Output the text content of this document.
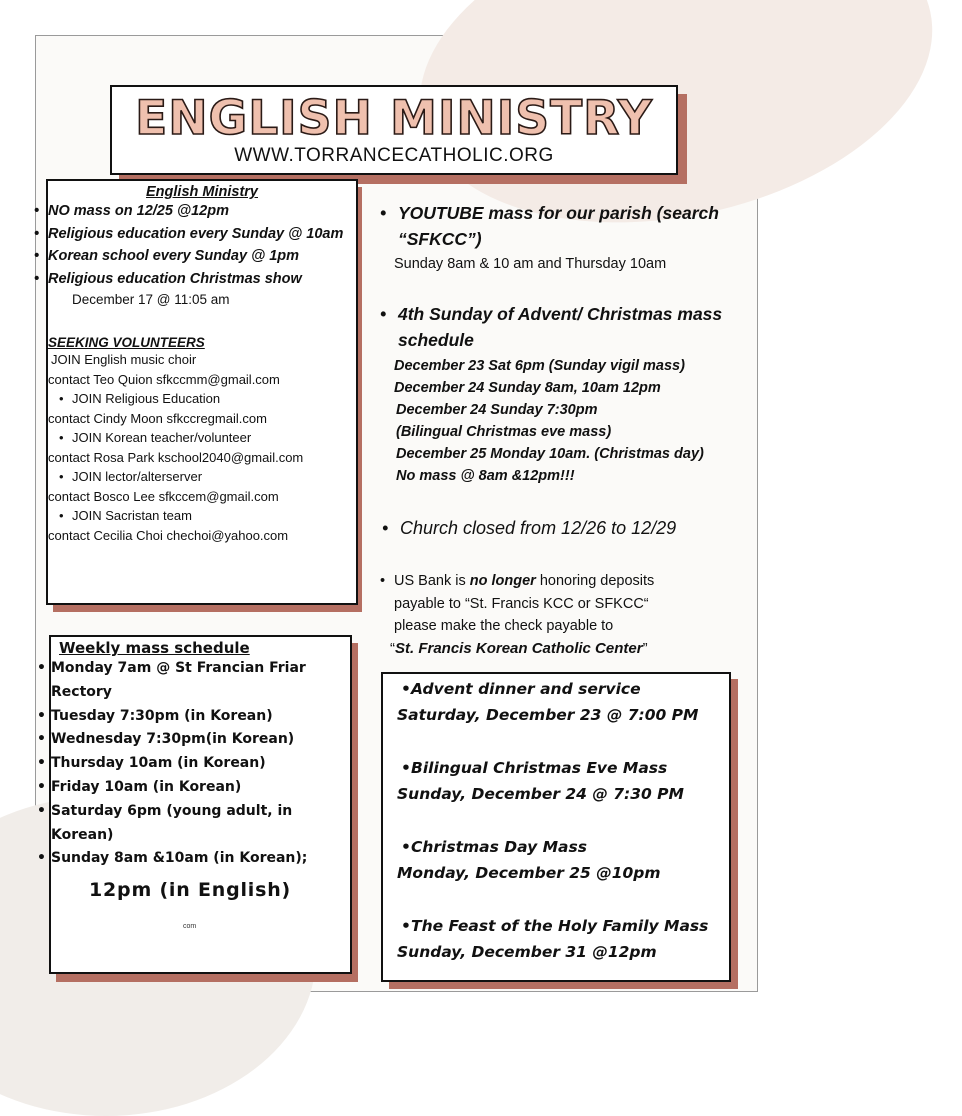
ENGLISH MINISTRY
WWW.TORRANCECATHOLIC.ORG
English Ministry
• NO mass on 12/25 @12pm
• Religious education every Sunday @ 10am
• Korean school every Sunday @ 1pm
• Religious education Christmas show
December 17 @ 11:05 am
SEEKING VOLUNTEERS

JOIN English music choir

contact Teo Quion sfkccmm@gmail.com

• JOIN Religious Education

contact Cindy Moon sfkccregmail.com

• JOIN Korean teacher/volunteer

contact Rosa Park kschool2040@gmail.com

• JOIN lector/alterserver

contact Bosco Lee sfkccem@gmail.com

• JOIN Sacristan team

contact Cecilia Choi chechoi@yahoo.com

• YOUTUBE mass for our parish (search “SFKCC”)
Sunday 8am & 10 am and Thursday 10am
• 4th Sunday of Advent/ Christmas mass schedule
December 23 Sat 6pm (Sunday vigil mass)
December 24 Sunday 8am, 10am 12pm
December 24 Sunday 7:30pm
(Bilingual Christmas eve mass)
December 25 Monday 10am. (Christmas day)
No mass @ 8am &12pm!!!
• Church closed from 12/26 to 12/29
• US Bank is no longer honoring deposits
payable to “St. Francis KCC or SFKCC“
please make the check payable to
“St. Francis Korean Catholic Center”
Weekly mass schedule
• Monday 7am @ St Francian Friar Rectory
• Tuesday 7:30pm (in Korean)
• Wednesday 7:30pm(in Korean)
• Thursday 10am (in Korean)
• Friday 10am (in Korean)
• Saturday 6pm (young adult, in Korean)
• Sunday 8am &10am (in Korean);
12pm (in English)
com
• Advent dinner and service
Saturday, December 23 @ 7:00 PM
• Bilingual Christmas Eve Mass
Sunday, December 24 @ 7:30 PM
• Christmas Day Mass
Monday, December 25 @10pm
• The Feast of the Holy Family Mass
Sunday, December 31 @12pm
